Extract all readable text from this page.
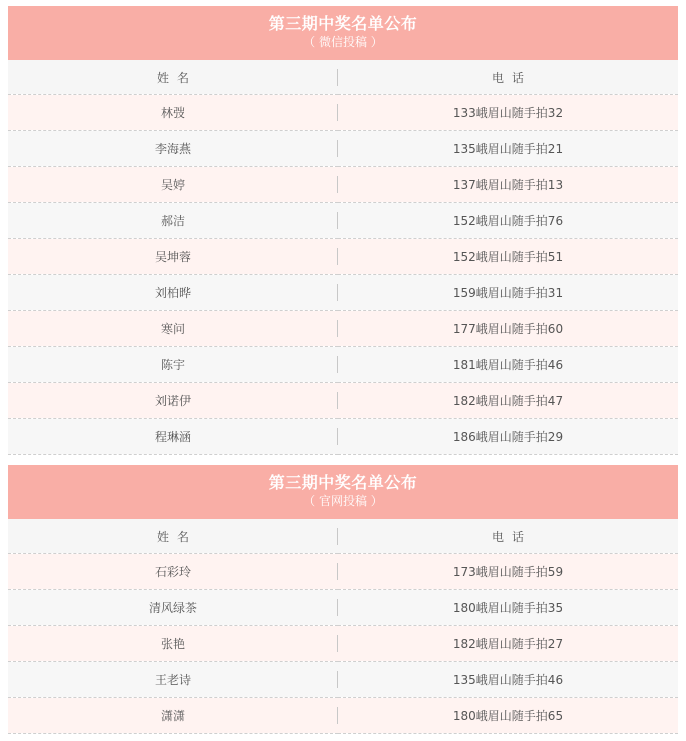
第三期中奖名单公布
（ 微信投稿 ）
姓名	电话
林弢	133峨眉山随手拍32
李海燕	135峨眉山随手拍21
吴婷	137峨眉山随手拍13
郝洁	152峨眉山随手拍76
吴坤蓉	152峨眉山随手拍51
刘柏晔	159峨眉山随手拍31
寒问	177峨眉山随手拍60
陈宇	181峨眉山随手拍46
刘诺伊	182峨眉山随手拍47
程琳涵	186峨眉山随手拍29
第三期中奖名单公布
（ 官网投稿 ）
姓名	电话
石彩玲	173峨眉山随手拍59
清风绿茶	180峨眉山随手拍35
张艳	182峨眉山随手拍27
王老诗	135峨眉山随手拍46
潇潇	180峨眉山随手拍65
